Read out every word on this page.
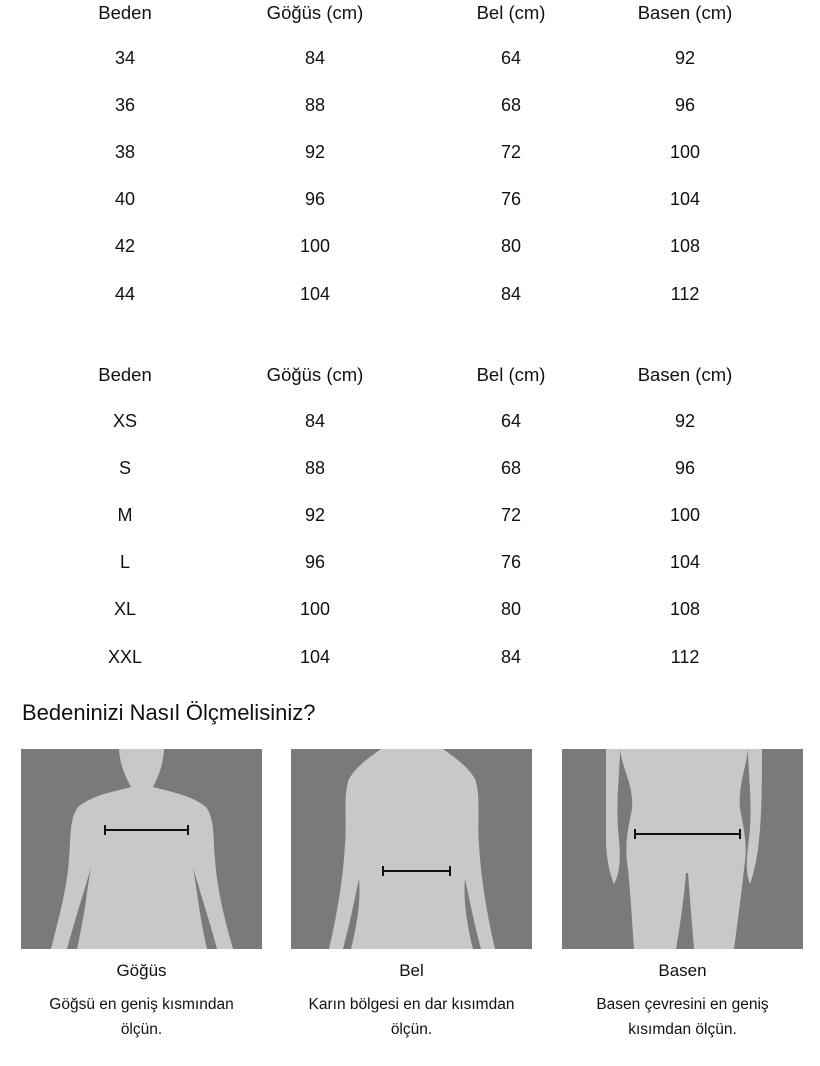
Beden	Göğüs (cm)	Bel (cm)	Basen (cm)
34	84	64	92
36	88	68	96
38	92	72	100
40	96	76	104
42	100	80	108
44	104	84	112
Beden	Göğüs (cm)	Bel (cm)	Basen (cm)
XS	84	64	92
S	88	68	96
M	92	72	100
L	96	76	104
XL	100	80	108
XXL	104	84	112
Bedeninizi Nasıl Ölçmelisiniz?
Göğüs
Göğsü en geniş kısmından ölçün.
Bel
Karın bölgesi en dar kısımdan ölçün.
Basen
Basen çevresini en geniş kısımdan ölçün.
